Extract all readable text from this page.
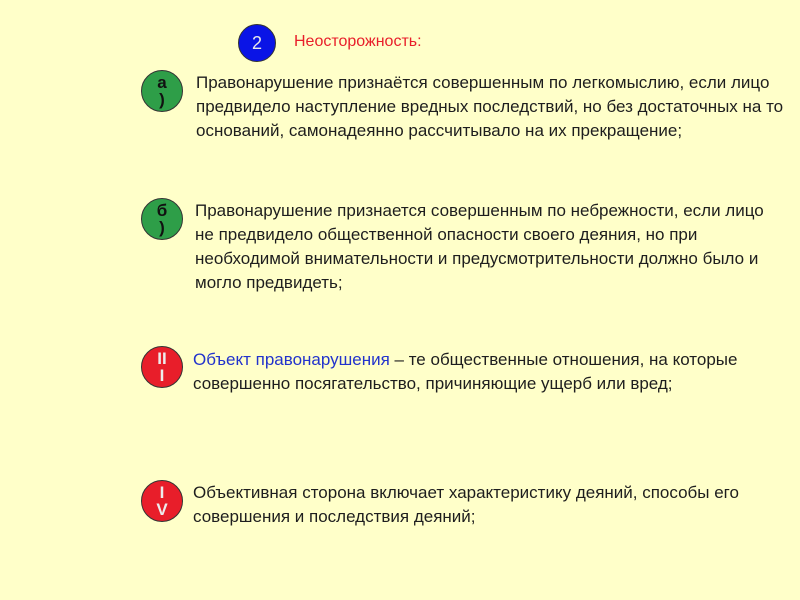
2 Неосторожность:
а
)
Правонарушение признаётся совершенным по легкомыслию, если лицо предвидело наступление вредных последствий, но без достаточных на то оснований, самонадеянно рассчитывало на их прекращение;
б
)
Правонарушение признается совершенным по небрежности, если лицо не предвидело общественной опасности своего деяния, но при необходимой внимательности и предусмотрительности должно было и могло предвидеть;
II
I
Объект правонарушения – те общественные отношения, на которые совершенно посягательство, причиняющие ущерб или вред;
I
V
Объективная сторона включает характеристику деяний, способы его совершения и последствия деяний;
